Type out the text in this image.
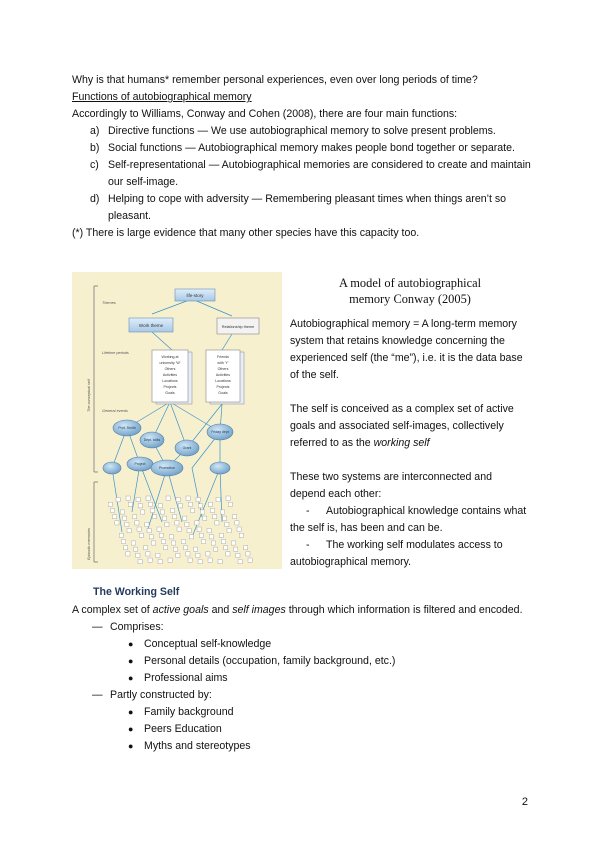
Why is that humans* remember personal experiences, even over long periods of time?

Functions of autobiographical memory

Accordingly to Williams, Conway and Cohen (2008), there are four main functions:

a) Directive functions — We use autobiographical memory to solve present problems.
b) Social functions — Autobiographical memory makes people bond together or separate.
c) Self-representational — Autobiographical memories are considered to create and maintain our self-image.
d) Helping to cope with adversity — Remembering pleasant times when things aren’t so pleasant.

(*) There is large evidence that many other species have this capacity too.

Themes
Lifetime periods
General events
The conceptual self
Episodic memories
life-story
Work theme	Relationship theme
Working at
university 'W'
Others
Activities
Locations
Projects
Goals
Friends
with 'Y'
Others
Activities
Locations
Projects
Goals
Prof. Smith
Dept. talks
Grant
Friday dept
Promotion
Project
A model of autobiographical
memory Conway (2005)

Autobiographical memory = A long-term memory system that retains knowledge concerning the experienced self (the “me”), i.e. it is the data base of the self.

The self is conceived as a complex set of active goals and associated self-images, collectively referred to as the working self

These two systems are interconnected and depend each other:

- Autobiographical knowledge contains what the self is, has been and can be.

- The working self modulates access to autobiographical memory.

The Working Self

A complex set of active goals and self images through which information is filtered and encoded.

— Comprises:
● Conceptual self-knowledge
● Personal details (occupation, family background, etc.)
● Professional aims
— Partly constructed by:
● Family background
● Peers Education
● Myths and stereotypes
2
